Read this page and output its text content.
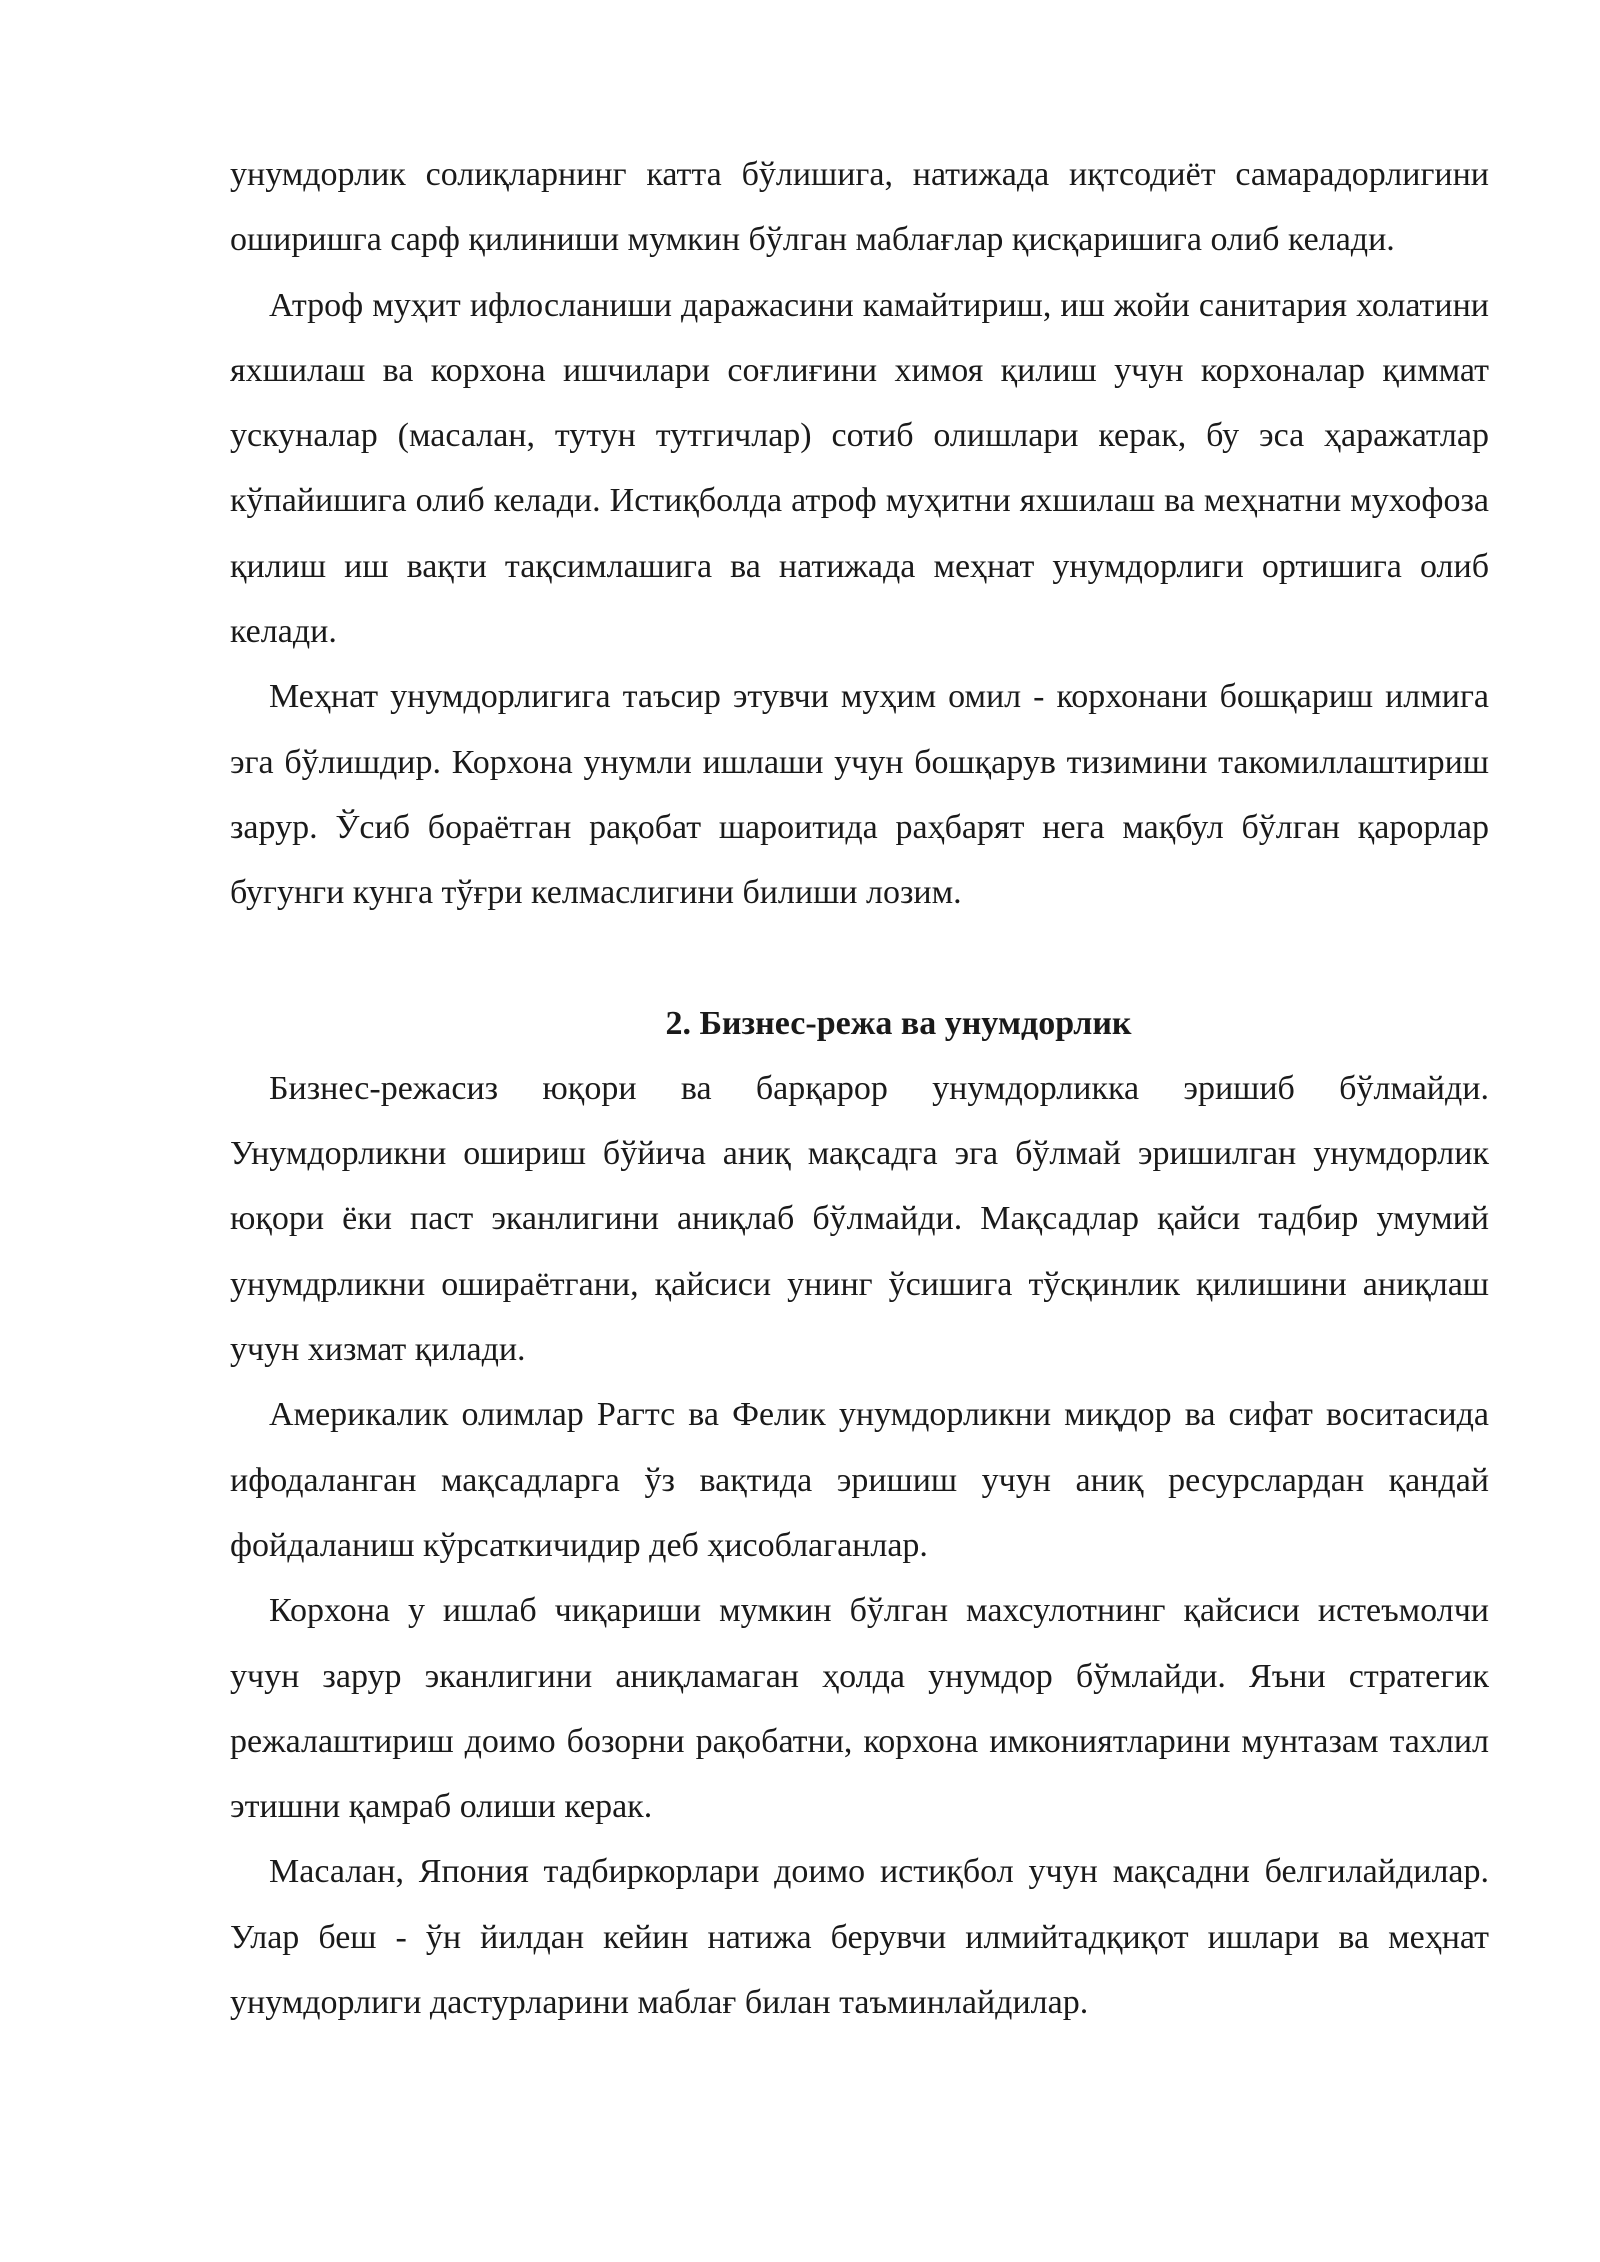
унумдорлик солиқларнинг катта бўлишига, натижада иқтсодиёт самарадорлигини оширишга сарф қилиниши мумкин бўлган маблағлар қисқаришига олиб келади.

Атроф муҳит ифлосланиши даражасини камайтириш, иш жойи санитария холатини яхшилаш ва корхона ишчилари соғлиғини химоя қилиш учун корхоналар қиммат ускуналар (масалан, тутун тутгичлар) сотиб олишлари керак, бу эса ҳаражатлар кўпайишига олиб келади. Истиқболда атроф муҳитни яхшилаш ва меҳнатни мухофоза қилиш иш вақти тақсимлашига ва натижада меҳнат унумдорлиги ортишига олиб келади.

Меҳнат унумдорлигига таъсир этувчи муҳим омил - корхонани бошқариш илмига эга бўлишдир. Корхона унумли ишлаши учун бошқарув тизимини такомиллаштириш зарур. Ўсиб бораётган рақобат шароитида раҳбарят нега мақбул бўлган қарорлар бугунги кунга тўғри келмаслигини билиши лозим.

2. Бизнес-режа ва унумдорлик

Бизнес-режасиз юқори ва барқарор унумдорликка эришиб бўлмайди. Унумдорликни ошириш бўйича аниқ мақсадга эга бўлмай эришилган унумдорлик юқори ёки паст эканлигини аниқлаб бўлмайди. Мақсадлар қайси тадбир умумий унумдрликни ошираётгани, қайсиси унинг ўсишига тўсқинлик қилишини аниқлаш учун хизмат қилади.

Америкалик олимлар Рагтс ва Фелик унумдорликни миқдор ва сифат воситасида ифодаланган мақсадларга ўз вақтида эришиш учун аниқ ресурслардан қандай фойдаланиш кўрсаткичидир деб ҳисоблаганлар.

Корхона у ишлаб чиқариши мумкин бўлган махсулотнинг қайсиси истеъмолчи учун зарур эканлигини аниқламаган ҳолда унумдор бўмлайди. Яъни стратегик режалаштириш доимо бозорни рақобатни, корхона имкониятларини мунтазам тахлил этишни қамраб олиши керак.

Масалан, Япония тадбиркорлари доимо истиқбол учун мақсадни белгилайдилар. Улар беш - ўн йилдан кейин натижа берувчи илмийтадқиқот ишлари ва меҳнат унумдорлиги дастурларини маблағ билан таъминлайдилар.
